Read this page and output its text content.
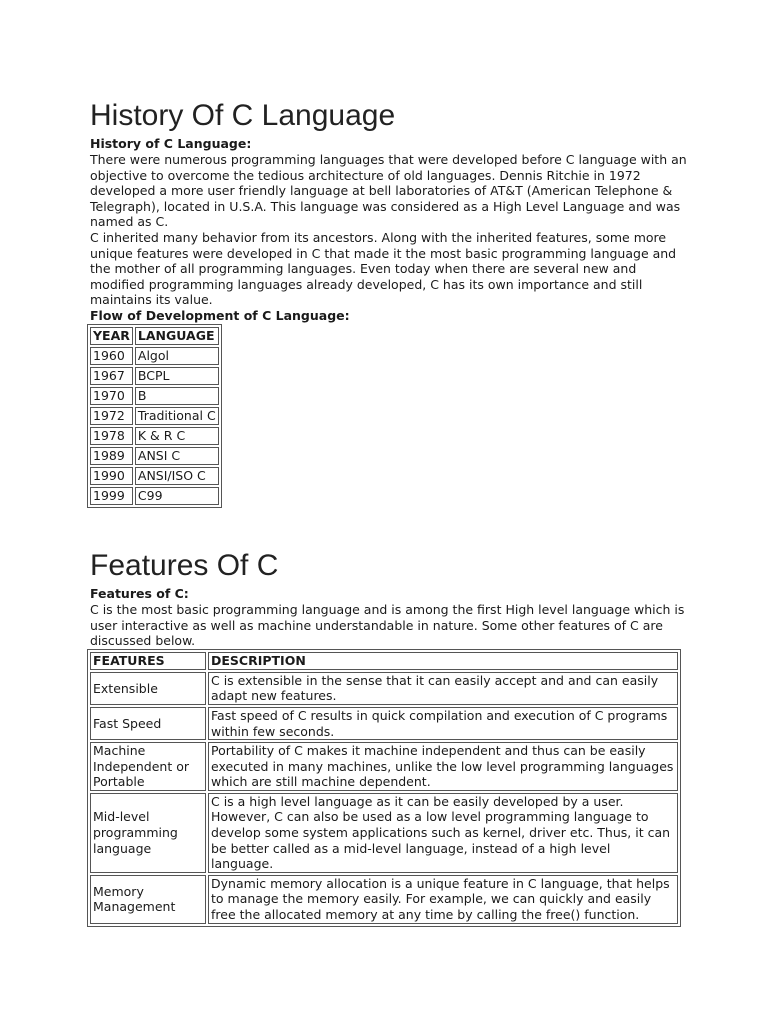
History Of C Language
History of C Language:

There were numerous programming languages that were developed before C language with an objective to overcome the tedious architecture of old languages. Dennis Ritchie in 1972 developed a more user friendly language at bell laboratories of AT&T (American Telephone & Telegraph), located in U.S.A. This language was considered as a High Level Language and was named as C.

C inherited many behavior from its ancestors. Along with the inherited features, some more unique features were developed in C that made it the most basic programming language and the mother of all programming languages. Even today when there are several new and modified programming languages already developed, C has its own importance and still maintains its value.

Flow of Development of C Language:
YEAR	LANGUAGE
1960	Algol
1967	BCPL
1970	B
1972	Traditional C
1978	K & R C
1989	ANSI C
1990	ANSI/ISO C
1999	C99
Features Of C
Features of C:

C is the most basic programming language and is among the first High level language which is user interactive as well as machine understandable in nature. Some other features of C are discussed below.

FEATURES	DESCRIPTION
Extensible	C is extensible in the sense that it can easily accept and and can easily adapt new features.
Fast Speed	Fast speed of C results in quick compilation and execution of C programs within few seconds.
Machine Independent or Portable	Portability of C makes it machine independent and thus can be easily executed in many machines, unlike the low level programming languages which are still machine dependent.
Mid-level programming language	C is a high level language as it can be easily developed by a user. However, C can also be used as a low level programming language to develop some system applications such as kernel, driver etc. Thus, it can be better called as a mid-level language, instead of a high level language.
Memory Management	Dynamic memory allocation is a unique feature in C language, that helps to manage the memory easily. For example, we can quickly and easily free the allocated memory at any time by calling the free() function.
